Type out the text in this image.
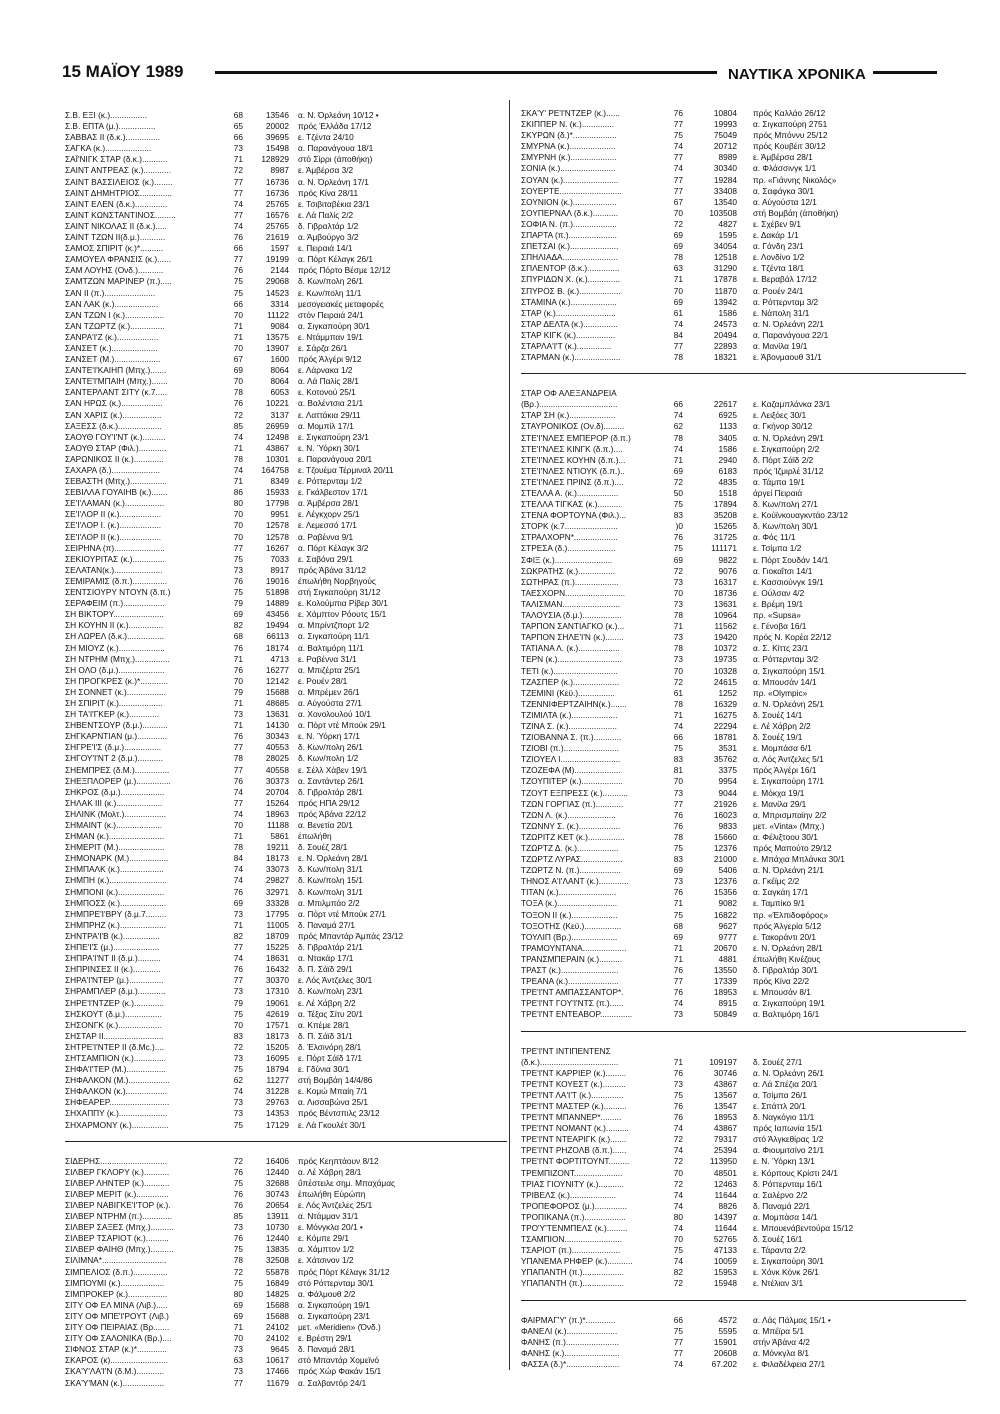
15 ΜΑΪΟΥ 1989	ΝΑΥΤΙΚΑ ΧΡΟΝΙΚΑ
Σ.Β. ΕΞΙ (κ.)................	68	13546 α. Ν. Όρλεάνη 10/12 •
Σ.Β. ΕΠΤΑ (μ.)................	65	20002 πρός Έλλάδα 17/12
ΣΑΒΒΑΣ ΙΙ (δ.κ.)...............	66	39695 ε. Τζέντα 24/10
ΣΑΓΚΑ (κ.)....................	73	15498 α. Παρανάγουα 18/1
ΣΑΪ'ΝΙΓΚ ΣΤΑΡ (δ.κ.)...........	71	128929 στό Σίρρι (άποθήκη)
ΣΑΙΝΤ ΑΝΤΡΕΑΣ (κ.)............	72	8987 ε. Άμβέρσα 3/2
ΣΑΙΝΤ ΒΑΣΣΙΛΕΙΟΣ (κ.)........	77	16736 α. Ν. Όρλεάνη 17/1
ΣΑΙΝΤ ΔΗΜΗΤΡΙΟΣ..............	77	16736 πρός Κίνα 28/11
ΣΑΙΝΤ ΕΛΕΝ (δ.κ.)..............	74	25765 ε. Τσιβιταβέκια 23/1
ΣΑΙΝΤ ΚΩΝΣΤΑΝΤΙΝΟΣ.........	77	16576 ε. Λά Παλίς 2/2
ΣΑΙΝΤ ΝΙΚΟΛΑΣ ΙΙ (δ.κ.).....	74	25765 δ. Γιβραλτάρ 1/2
ΣΑΙΝΤ ΤΖΩΝ ΙΙ(δ.μ.)...........	76	21619 α. Άμβούργο 3/2
ΣΑΜΟΣ ΣΠΙΡΙΤ (κ.)*..........	66	1597 ε. Πειραιά 14/1
ΣΑΜΟΥΕΛ ΦΡΑΝΣΙΣ (κ.)......	77	19199 α. Πόρτ Κέλαγκ 26/1
ΣΑΜ ΛΟΥΗΣ (Ονδ.)...........	76	2144 πρός Πόρτο Βέσμε 12/12
ΣΑΜΤΖΩΝ ΜΑΡΙΝΕΡ (π.).....	75	29068 δ. Κων/πολη 26/1
ΣΑΝ ΙΙ (π.)......................	75	14523 ε. Κων/πολη 11/1
ΣΑΝ ΛΑΚ (κ.)...................	66	3314 μεσογειακές μεταφορές
ΣΑΝ ΤΖΩΝ Ι (κ.).................	70	11122 στόν Πειραιά 24/1
ΣΑΝ ΤΖΩΡΤΖ (κ.)...............	71	9084 α. Σιγκαπούρη 30/1
ΣΑΝΡΑ'Ι'Ζ (κ.)..................	71	13575 ε. Ντάμμπαν 19/1
ΣΑΝΣΕΤ (κ.)....................	70	13907 ε. Σάρζα 26/1
ΣΑΝΣΕΤ (Μ.)....................	67	1600 πρός Άλγέρι 9/12
ΣΑΝΤΕ'Ι'ΚΑΙΗΠ (Μπχ.).......	69	8064 ε. Λάρνακα 1/2
ΣΑΝΤΕ'Ι'ΜΠΑΙΗ (Μπχ.).......	70	8064 α. Λά Παλίς 28/1
ΣΑΝΤΕΡΛΑΝΤ ΣΙΤΥ (κ.7.....	78	6053 ε. Κοτονού 25/1
ΣΑΝ ΗΡΩΣ (κ.)..................	76	10221 α. Βαλέντσια 21/1
ΣΑΝ ΧΑΡΙΣ (κ.).................	72	3137 ε. Λαττάκια 29/11
ΣΑΞΕΣΣ (δ.κ.)...................	85	26959 α. Μομπίλ 17/1
ΣΑΟΥΘ ΓΟΥ'Ι'ΝΤ (κ.)..........	74	12498 ε. Σιγκαπούρη 23/1
ΣΑΟΥΘ ΣΤΑΡ (Φιλ.)............	71	43867 ε. Ν. Ύόρκη 30/1
ΣΑΡΩΝΙΚΟΣ ΙΙ (κ.).............	78	10301 ε. Παρανάγουα 20/1
ΣΑΧΑΡΑ (δ.).....................	74	164758 ε. Τζουέμα Τέρμιναλ 20/11
ΣΕΒΑΣΤΗ (Μπχ.)................	71	8349 ε. Ρόττερνταμ 1/2
ΣΕΒΙΛΛΑ ΓΟΥΑΙΗΒ (κ.).......	86	15933 ε. Γκάλβεστον 17/1
ΣΕ'Ι'ΛΑΜΑΝ (κ.).................	80	17798 α. Άμβέρσα 28/1
ΣΕ'Ι'ΛΟΡ ΙΙ (κ.)..................	70	9951 ε. Λέγκχορν 25/1
ΣΕ'Ι'ΛΟΡ Ι. (κ.)..................	70	12578 ε. Λεμεσσό 17/1
ΣΕ'Ι'ΛΟΡ ΙΙ (κ.)..................	70	12578 α. Ραβέννα 9/1
ΣΕΙΡΗΝΑ (π)......................	77	16267 α. Πόρτ Κέλαγκ 3/2
ΣΕΚΙΟΥΡΙΤΑΣ (κ.)..............	75	7033 ε. Σαβόνα 29/1
ΣΕΛΑΤΑΝ(κ.).....................	73	8917 πρός Άβάνα 31/12
ΣΕΜΙΡΑΜΙΣ (δ.π.)...............	76	19016 έπωλήθη Νορβηγούς
ΣΕΝΤΣΙΟΥΡΥ ΝΤΟΥΝ (δ.π.)	75	51898 στή Σιγκαπούρη 31/12
ΣΕΡΑΦΕΙΜ (π.)..................	79	14889 ε. Κολούμπια Ρίβερ 30/1
ΣΗ ΒΙΚΤΟΡΥ......................	69	43456 ε. Χάμπτον Ρόουτς 15/1
ΣΗ ΚΟΥΗΝ ΙΙ (κ.)...............	82	19494 α. Μπρίντζπορτ 1/2
ΣΗ ΛΩΡΕΛ (δ.κ.)................	68	66113 α. Σιγκαπούρη 11/1
ΣΗ ΜΙΟΥΖ (κ.)....................	76	18174 α. Βαλτιμόρη 11/1
ΣΗ ΝΤΡΗΜ (Μπχ.)...............	71	4713 ε. Ραβέννα 31/1
ΣΗ ΟΛΟ (δ.μ.)....................	76	16277 α. Μπιζέρτα 25/1
ΣΗ ΠΡΟΓΚΡΕΣ (κ.)*............	70	12142 ε. Ρουέν 28/1
ΣΗ ΣΟΝΝΕΤ (κ.).................	79	15688 α. Μπρέμεν 26/1
ΣΗ ΣΠΙΡΙΤ (κ.)...................	71	48685 α. Αύγούστα 27/1
ΣΗ ΤΑ'Ι'ΓΚΕΡ (κ.).............	73	13631 α. Χονολουλού 10/1
ΣΗΒΕΝΤΣΟΥΡ (δ.μ.)...........	71	14130 α. Πόρτ ντέ Μπούκ 29/1
ΣΗΓΚΑΡΝΤΙΑΝ (μ.).............	76	30343 ε. Ν. Ύόρκη 17/1
ΣΗΓΡΕ'Ι'Σ (δ.μ.)................	77	40553 δ. Κων/πολη 26/1
ΣΗΓΟΥ'Ι'ΝΤ 2 (δ.μ.)...........	78	28025 δ. Κων/πολη 1/2
ΣΗΕΜΠΡΕΣ (δ.Μ.)...............	77	40558 ε. Σέλλ Χάβεν 19/1
ΣΗΕΞΠΛΟΡΕΡ (μ.)...............	76	30373 α. Σαντάντερ 26/1
ΣΗΚΡΟΣ (δ.μ.)...................	74	20704 δ. Γιβραλτάρ 28/1
ΣΗΛΑΚ ΙΙΙ (κ.)....................	77	15264 πρός ΗΠΑ 29/12
ΣΗΛΙΝΚ (Μολτ.)..................	74	18963 πρός Άβάνα 22/12
ΣΗΜΑΙΝΤ (κ.)....................	70	11188 α. Βενετία 20/1
ΣΗΜΑΝ (κ.)........................	71	5861 έπωλήθη
ΣΗΜΕΡΙΤ (Μ.)....................	78	19211 δ. Σουέζ 28/1
ΣΗΜΟΝΑΡΚ (Μ.).................	84	18173 ε. Ν. Όρλεάνη 28/1
ΣΗΜΠΑΛΚ (κ.)...................	74	33073 δ. Κων/πολη 31/1
ΣΗΜΠΗ (κ.).........................	74	29827 δ. Κων/πολη 15/1
ΣΗΜΠΟΝΙ (κ.)....................	76	32971 δ. Κων/πολη 31/1
ΣΗΜΠΟΣΣ (κ.)....................	69	33328 α. Μπιλμπάο 2/2
ΣΗΜΠΡΕ'Ι'ΒΡΥ (δ.μ.7.........	73	17795 α. Πόρτ ντέ Μπούκ 27/1
ΣΗΜΠΡΗΖ (κ.)....................	71	11005 δ. Παναμά 27/1
ΣΗΝΤΡΑ'Ι'Β (κ.)................	82	18709 πρός Μπαντάρ Άμπάς 23/12
ΣΗΠΕ'Ι'Σ (μ.)....................	77	15225 δ. Γιβραλτάρ 21/1
ΣΗΠΡΑ'Ι'ΝΤ ΙΙ (δ.μ.)..........	74	18631 α. Ντακάρ 17/1
ΣΗΠΡΙΝΣΕΣ ΙΙ (κ.)............	76	16432 δ. Π. Σάϊδ 29/1
ΣΗΡΑ'Ι'ΝΤΕΡ (μ.)...............	77	30370 ε. Λός Άντζελες 30/1
ΣΗΡΑΜΠΛΕΡ (δ.μ.)............	73	17310 δ. Κων/πολη 23/1
ΣΗΡΕ'Ι'ΝΤΖΕΡ (κ.).............	79	19061 ε. Λέ Χάβρη 2/2
ΣΗΣΚΟΥΤ (δ.μ.)................	75	42619 α. Τέξας Σίτυ 20/1
ΣΗΣΟΝΓΚ (κ.)...................	70	17571 α. Κπέμε 28/1
ΣΗΣΤΑΡ ΙΙ..........................	83	18173 δ. Π. Σάϊδ 31/1
ΣΗΤΡΕ'Ι'ΝΤΕΡ ΙΙ (δ.Mc.)....	72	15205 δ. Έλσινόρη 28/1
ΣΗΤΣΑΜΠΙΟΝ (κ.)..............	73	16095 ε. Πόρτ Σάϊδ 17/1
ΣΗΦΑ'Ι'ΤΕΡ (Μ.).................	75	18794 ε. Γδύνια 30/1
ΣΗΦΑΛΚΟΝ (Μ.)..................	62	11277 στή Βομβάη 14/4/86
ΣΗΦΑΛΚΟΝ (κ.)..................	74	31228 ε. Κομώ Μπαίη 7/1
ΣΗΦΕΑΡΕΡ..........................	73	29763 α. Λισσαβώνα 25/1
ΣΗΧΑΠΠΥ (κ.).....................	73	14353 πρός Βέντσπιλς 23/12
ΣΗΧΑΡΜΟΝΥ (κ.)................	75	17129 ε. Λά Γκουλέτ 30/1
ΣΙΔΕΡΗΣ.............................	72	16406 πρός Κεηπτάουν 8/12
ΣΙΛΒΕΡ ΓΚΛΟΡΥ (κ.)...........	76	12440 α. Λέ Χάβρη 28/1
ΣΙΛΒΕΡ ΛΗΝΤΕΡ (κ.)...........	75	32688 ΰπέστειλε σημ. Μπαχάμας
ΣΙΛΒΕΡ ΜΕΡΙΤ (κ.)..............	76	30743 έπωλήθη Εύρώπη
ΣΙΛΒΕΡ ΝΑΒΙΓΚΕ'Ι'ΤΟΡ (κ.).	76	20654 ε. Λός Άντζελες 25/1
ΣΙΛΒΕΡ ΝΤΡΗΜ (π.).............	85	13911 α. Ντάμμαν 31/1
ΣΙΛΒΕΡ ΣΑΞΕΣ (Μπχ.)..........	73	10730 ε. Μόνγκλα 20/1 •
ΣΙΛΒΕΡ ΤΣΑΡΙΟΤ (κ.)..........	76	12440 ε. Κόμπε 29/1
ΣΙΛΒΕΡ ΦΑΙΗΘ (Μπχ.)..........	75	13835 α. Χάμπτον 1/2
ΣΙΛΙΜΝΑ*............................	78	32508 ε. Χάτσινον 1/2
ΣΙΜΠΕΛΙΟΣ (δ.π.)...............	72	55878 πρός Πόρτ Κέλαγκ 31/12
ΣΙΜΠΟΥΜΙ (κ.)...................	75	16849 στό Ρόττερνταμ 30/1
ΣΙΜΠΡΟΚΕΡ (κ.).................	80	14825 α. Φάλμουθ 2/2
ΣΙΤΥ ΟΦ ΕΛ ΜΙΝΑ (Λιβ.).....	69	15688 α. Σιγκαπούρη 19/1
ΣΙΤΥ ΟΦ ΜΠΕ'Ι'ΡΟΥΤ (Λιβ.)	69	15688 α. Σιγκαπούρη 23/1
ΣΙΤΥ ΟΦ ΠΕΙΡΑΙΑΣ (Βρ.......	71	24102 μετ. «Meridien» (Όνδ.)
ΣΙΤΥ ΟΦ ΣΑΛΟΝΙΚΑ (Βρ.)....	70	24102 ε. Βρέστη 29/1
ΣΙΦΝΟΣ ΣΤΑΡ (κ.)*.............	73	9645 δ. Παναμά 28/1
ΣΚΑΡΟΣ (κ).........................	63	10617 στό Μπαντάρ Χομεϊνό
ΣΚΑ'Υ'ΛΑ'Ι'Ν (δ.Μ.)............	73	17466 πρός Χώρ Φακάν 15/1
ΣΚΑ'Υ'ΜΑΝ (κ.)..................	77	11679 α. Σαλβαντόρ 24/1
ΣΚΑ'Υ' ΡΕ'Ι'ΝΤΖΕΡ (κ.)......	76	10804 πρός Καλλάο 26/12
ΣΚΙΠΠΕΡ Ν. (κ.)..............	77	19993 α. Σιγκαπούρη 2751
ΣΚΥΡΩΝ (δ.)*...................	75	75049 πρός Μπόννυ 25/12
ΣΜΥΡΝΑ (κ.)....................	74	20712 πρός Κουβέιτ 30/12
ΣΜΥΡΝΗ (κ.)....................	77	8989 ε. Άμβέρσα 28/1
ΣΟΝΙΑ (κ.)........................	74	30340 α. Φλάσσινγκ 1/1
ΣΟΥΑΝ (κ.)........................	77	19284 πρ. «Γιάννης Νικολός»
ΣΟΥΕΡΤΕ...........................	77	33408 α. Σαφάγκα 30/1
ΣΟΥΝΙΟΝ (κ.)...................	67	13540 α. Αύγούστα 12/1
ΣΟΥΠΕΡΝΑΛ (δ.κ.)...........	70	103508 στή Βομβάη (άποθήκη)
ΣΟΦΙΑ Ν. (π.)...................	72	4827 ε. Σχέβεν 9/1
ΣΠΑΡΤΑ (π.).....................	69	1595 ε. Δακάρ 1/1
ΣΠΕΤΣΑΙ (κ.).....................	69	34054 α. Γάνδη 23/1
ΣΠΗΛΙΑΔΑ........................	78	12518 ε. Λονδίνο 1/2
ΣΠΛΕΝΤΟΡ (δ.κ.)..............	63	31290 ε. Τζέντα 18/1
ΣΠΥΡΙΔΩΝ Χ. (κ.)..............	71	17878 ε. Βεραβάλ 17/12
ΣΠΥΡΟΣ Β. (κ.)..................	70	11870 α. Ρουέν 24/1
ΣΤΑΜΙΝΑ (κ.)....................	69	13942 α. Ρόττερνταμ 3/2
ΣΤΑΡ (κ.)..........................	61	1586 ε. Νάπολη 31/1
ΣΤΑΡ ΔΕΛΤΑ (κ.)...............	74	24573 α. Ν. Όρλεάνη 22/1
ΣΤΑΡ ΚΙΓΚ (κ.).................	84	20494 α. Παρανάγουα 22/1
ΣΤΑΡΛΑ'Ι'Τ (κ.)...............	77	22893 α. Μανίλα 19/1
ΣΤΑΡΜΑΝ (κ.)....................	78	18321 ε. Άβονμαουθ 31/1
ΣΤΑΡ ΟΦ ΑΛΕΞΑΝΔΡΕΙΑ
(Βρ.)..................................	66	22617 ε. Καζαμπλάνκα 23/1
ΣΤΑΡ ΣΗ (κ.)....................	74	6925 ε. Λειξόες 30/1
ΣΤΑΥΡΟΝΙΚΟΣ (Ον.δ).........	62	1133 α. Γκήνορ 30/12
ΣΤΕ'Ι'ΝΛΕΣ ΕΜΠΕΡΟΡ (δ.π.)	78	3405 α. Ν. Όρλεάνη 29/1
ΣΤΕ'Ι'ΝΛΕΣ ΚΙΝΓΚ (δ.π.)....	74	1586 ε. Σιγκαπούρη 2/2
ΣΤΕ'Ι'ΝΛΕΣ ΚΟΥΗΝ (δ.π.)...	71	2940 δ. Πόρτ Σάϊδ 2/2
ΣΤΕ'Ι'ΝΛΕΣ ΝΤΙΟΥΚ (δ.π.)..	69	6183 πρός Ίζμιρλέ 31/12
ΣΤΕ'Ι'ΝΛΕΣ ΠΡΙΝΣ (δ.π.)....	72	4835 α. Τάμπα 19/1
ΣΤΕΛΛΑ Α. (κ.)..................	50	1518 άργεί Πειραιά
ΣΤΕΛΛΑ ΤΙΓΚΑΣ (κ.)..........	75	17894 δ. Κων/πολη 27/1
ΣΤΕΝΑ ΦΟΡΤΟΥΝΑ (Φιλ.)...	83	35208 ε. Κούϊνκουαγκντάο 23/12
ΣΤΟΡΚ (κ.7.......................	)0	15265 δ. Κων/πολη 30/1
ΣΤΡΑΛΧΟΡΝ*...................	76	31725 α. Φός 11/1
ΣΤΡΕΣΑ (δ.).....................	75	111171 ε. Τσίμπα 1/2
ΣΦΙΞ (κ.).........................	69	9822 ε. Πόρτ Σουδάν 14/1
ΣΩΚΡΑΤΗΣ (κ.)................	72	9076 α. Γιοκαΐτσι 14/1
ΣΩΤΗΡΑΣ (π.)...................	73	16317 ε. Κασσιούνγκ 19/1
ΤΑΕΣΧΟΡΝ..........................	70	18736 ε. Ούλσαν 4/2
ΤΑΛΙΣΜΑΝ.........................	73	13631 ε. Βρέμη 19/1
ΤΑΛΟΥΣΙΑ (δ.μ.).................	78	10964 πρ. «Supsa»
ΤΑΡΠΟΝ ΣΑΝΤΙΑΓΚΟ (κ.)...	71	11562 ε. Γένοβα 16/1
ΤΑΡΠΟΝ ΣΗΛΕ'Ι'Ν (κ.)........	73	19420 πρός Ν. Κορέα 22/12
ΤΑΤΙΑΝΑ Λ. (κ.)..................	78	10372 α. Σ. Κίττς 23/1
ΤΕΡΝ (κ.)............................	73	19735 α. Ρόττερνταμ 3/2
ΤΕΤΙ (κ.)............................	70	10328 α. Σιγκαπούρη 15/1
ΤΖΑΣΠΕΡ (κ.)....................	72	24615 α. Μπουσάν 14/1
ΤΖΕΜΙΝΙ (Κεϋ.)................	61	1252 πρ. «Olympic»
ΤΖΕΝΝΙΦΕΡΤΖΑΙΗΝ(κ.).......	78	16329 α. Ν. Όρλεάνη 25/1
ΤΖΙΜΙΛΤΑ (κ.)....................	71	16275 δ. Σουέζ 14/1
ΤΖΙΝΑ Σ. (κ.).....................	74	22294 ε. Λέ Χάβρη 2/2
ΤΖΙΟΒΑΝΝΑ Σ. (π.)............	66	18781 δ. Σουέζ 19/1
ΤΖΙΟΒΙ (π.)........................	75	3531 ε. Μομπάσα 6/1
ΤΖΙΟΥΕΛ Ι..........................	83	35762 α. Λός Άντζελες 5/1
ΤΖΟΖΕΦΑ (Μ)....................	81	3375 πρός Άλγέρι 16/1
ΤΖΟΥΠΙΤΕΡ (κ.)..................	70	9954 ε. Σιγκαπούρη 17/1
ΤΖΟΥΤ ΕΞΠΡΕΣΣ (κ.)...........	73	9044 ε. Μόκχα 19/1
ΤΖΩΝ ΓΟΡΓΙΑΣ (π.)............	77	21926 ε. Μανίλα 29/1
ΤΖΩΝ Λ. (κ.).....................	76	16023 α. Μπρισμπαίην 2/2
ΤΖΩΝΝΥ Σ. (κ.)..................	76	9833 μετ. «Vinta» (Μπχ.)
ΤΖΩΡΙΤΖ ΚΕΤ (κ.)................	78	15660 α. Φέλιξτοου 30/1
ΤΖΩΡΤΖ Δ. (κ.)..................	75	12376 πρός Μαπούτο 29/12
ΤΖΩΡΤΖ ΛΥΡΑΣ..................	83	21000 ε. Μπάχια Μπλάνκα 30/1
ΤΖΩΡΤΖ Ν. (π.)..................	69	5406 α. Ν. Όρλεάνη 21/1
ΤΗΝΟΣ Α'Ι'ΛΑΝΤ (κ.).............	73	12376 α. Γκέϊμς 2/2
ΤΙΤΑΝ (κ.).........................	76	15356 α. Σαγκάη 17/1
ΤΟΞΑ (κ.)..........................	71	9082 ε. Ταμπίκο 9/1
ΤΟΞΟΝ ΙΙ (κ.)....................	75	16822 πρ. «Έλπιδοφόρος»
ΤΟΞΟΤΗΣ (Κεϋ.)................	68	9627 πρός Άλγερία 5/12
ΤΟΥΛΙΠ (Βρ.)....................	69	9777 ε. Τακοράντι 20/1
ΤΡΑΜΟΥΝΤΑΝΑ...................	71	20670 ε. Ν. Όρλεάνη 28/1
ΤΡΑΝΣΜΠΕΡΑΙΝ (κ.)..........	71	4881 έπωλήθη Κινέζους
ΤΡΑΣΤ (κ.).........................	76	13550 δ. Γιβραλτάρ 30/1
ΤΡΕΑΝΑ (κ.)......................	77	17339 πρός Κίνα 22/2
ΤΡΕ'Ι'ΝΤ ΑΜΠΑΣΣΑΝΤΟΡ*.	76	18953 ε. Μπουσάν 8/1
ΤΡΕ'Ι'ΝΤ ΓΟΥ'Ι'ΝΤΣ (π.)......	74	8915 α. Σιγκαπούρη 19/1
ΤΡΕ'Ι'ΝΤ ΕΝΤΕΑΒΟΡ..............	73	50849 α. Βαλτιμόρη 16/1
ΤΡΕ'Ι'ΝΤ ΙΝΤΙΠΕΝΤΕΝΣ
(δ.κ.)..................................	71	109197 δ. Σουέζ 27/1
ΤΡΕ'Ι'ΝΤ ΚΑΡΡΙΕΡ (κ.).........	76	30746 α. Ν. Όρλεάνη 26/1
ΤΡΕ'Ι'ΝΤ ΚΟΥΕΣΤ (κ.)..........	73	43867 α. Λά Σπέζια 20/1
ΤΡΕ'Ι'ΝΤ ΛΑ'Ι'Τ (κ.)..............	75	13567 α. Τσίμπα 26/1
ΤΡΕ'Ι'ΝΤ ΜΑΣΤΕΡ (κ.)..........	76	13547 ε. Σπάττλ 20/1
ΤΡΕ'Ι'ΝΤ ΜΠΑΝΝΕΡ*.........	76	18953 δ. Ναγκόγιο 11/1
ΤΡΕ'Ι'ΝΤ ΝΟΜΑΝΤ (κ.)..........	74	43867 πρός Ιαπωνία 15/1
ΤΡΕ'Ι'ΝΤ ΝΤΕΑΡΙΓΚ (κ.).......	72	79317 στό Άλγκεθίρας 1/2
ΤΡΕ'Ι'ΝΤ ΡΗΖΟΛΒ (δ.π.)......	74	25394 α. Φιουμιτσίνο 21/1
ΤΡΕ'Ι'ΝΤ ΦΟΡΤΙΤΟΥΝΤ.........	72	113950 ε. Ν. Ύόρκη 13/1
ΤΡΕΜΠΙΖΟΝΤ.....................	70	48501 ε. Κόρπους Κρίστι 24/1
ΤΡΙΑΣ ΓΙΟΥΝΙΤΥ (κ.)...........	72	12463 δ. Ρόττερνταμ 16/1
ΤΡΙΒΕΛΣ (κ.)....................	74	11644 α. Σαλέρνο 2/2
ΤΡΟΠΕΦΟΡΟΣ (μ.)..............	74	8826 δ. Παναμά 22/1
ΤΡΟΠΙΚΑΝΑ (π.)..................	80	14397 α. Μομπάσα 14/1
ΤΡΟ'Υ'ΤΕΝΜΠΕΛΣ (κ.).........	74	11644 ε. Μπουενάβεντούρα 15/12
ΤΣΑΜΠΙΟΝ.........................	70	52765 δ. Σουέζ 16/1
ΤΣΑΡΙΟΤ (π.).....................	75	47133 ε. Τάραντα 2/2
ΥΠΑΝΕΜΑ ΡΗΦΕΡ (κ.)...........	74	10059 ε. Σιγκαπούρη 30/1
ΥΠΑΠΑΝΤΗ (π.)..................	82	15953 ε. Χόνκ Κόνκ 26/1
ΥΠΑΠΑΝΤΗ (π.)..................	72	15948 ε. Ντέλιαν 3/1
ΦΑΙΡΜΑΓ'Υ' (π.)*.............	66	4572 α. Λάς Πάλμας 15/1 •
ΦΑΝΕΛΙ (κ.)......................	75	5595 α. Μπέϊρα 5/1
ΦΑΝΗΣ (π.).......................	77	15901 στήν Άβάνα 4/2
ΦΑΝΗΣ (κ.)........................	77	20608 α. Μόνκγλα 8/1
ΦΑΣΣΑ (δ.)*.......................	74	67.202 ε. Φιλαδέλφεια 27/1
